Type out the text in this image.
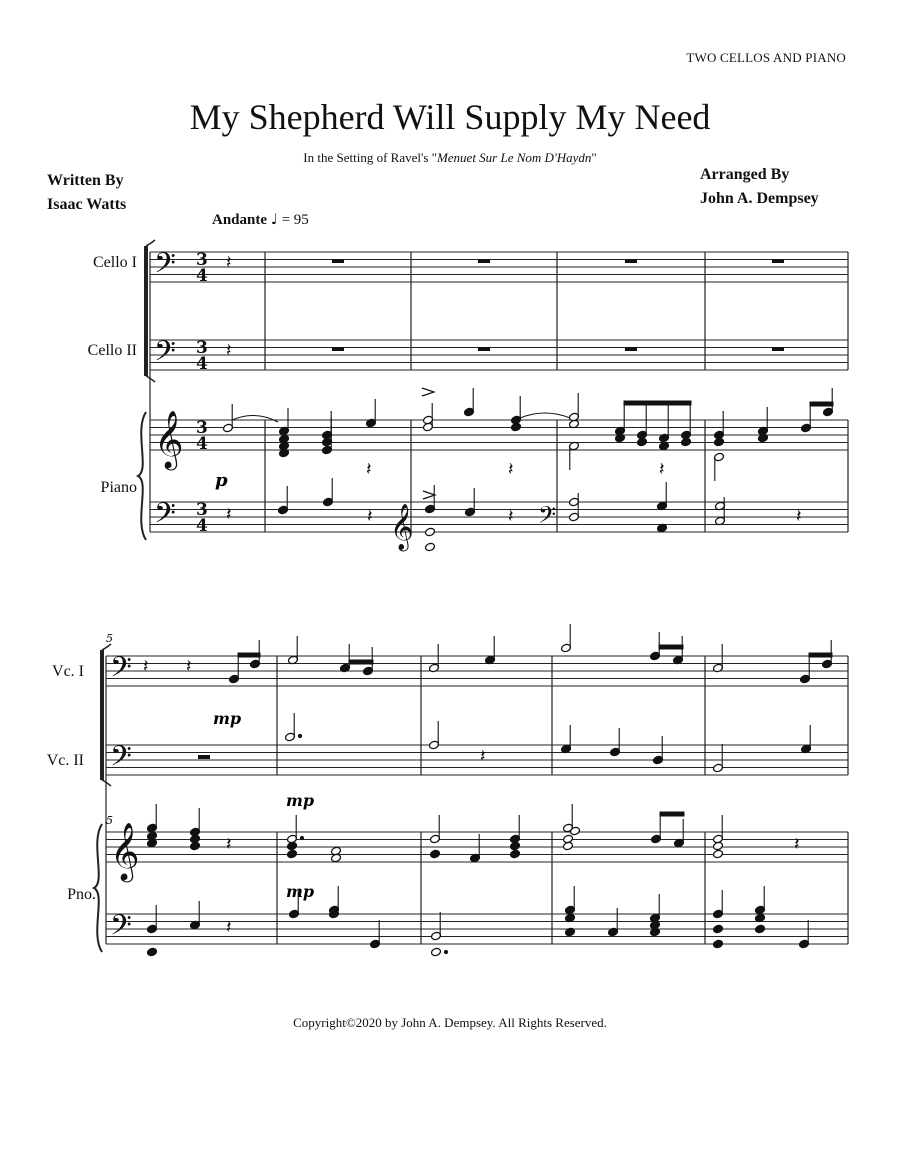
TWO CELLOS AND PIANO
My Shepherd Will Supply My Need
In the Setting of Ravel's "Menuet Sur Le Nom D'Haydn"
Written By
Isaac Watts
Arranged By
John A. Dempsey
Andante ♩ = 95
Cello I
Cello II
Piano
Vc. I
Vc. II
Pno.
Copyright©2020 by John A. Dempsey. All Rights Reserved.
𝄢
𝄢
𝄞
𝄢
𝄢
𝄢
𝄞
𝄢
𝄞	𝄢
3
4
3
4
3
4
3
4
𝄽
𝄽
𝄽	𝄽	𝄽
𝄽	𝄽	𝄽	𝄽
𝄽 𝄽
𝄽
𝄽	𝄽
𝄽
5
5
p
mp
mp
mp
